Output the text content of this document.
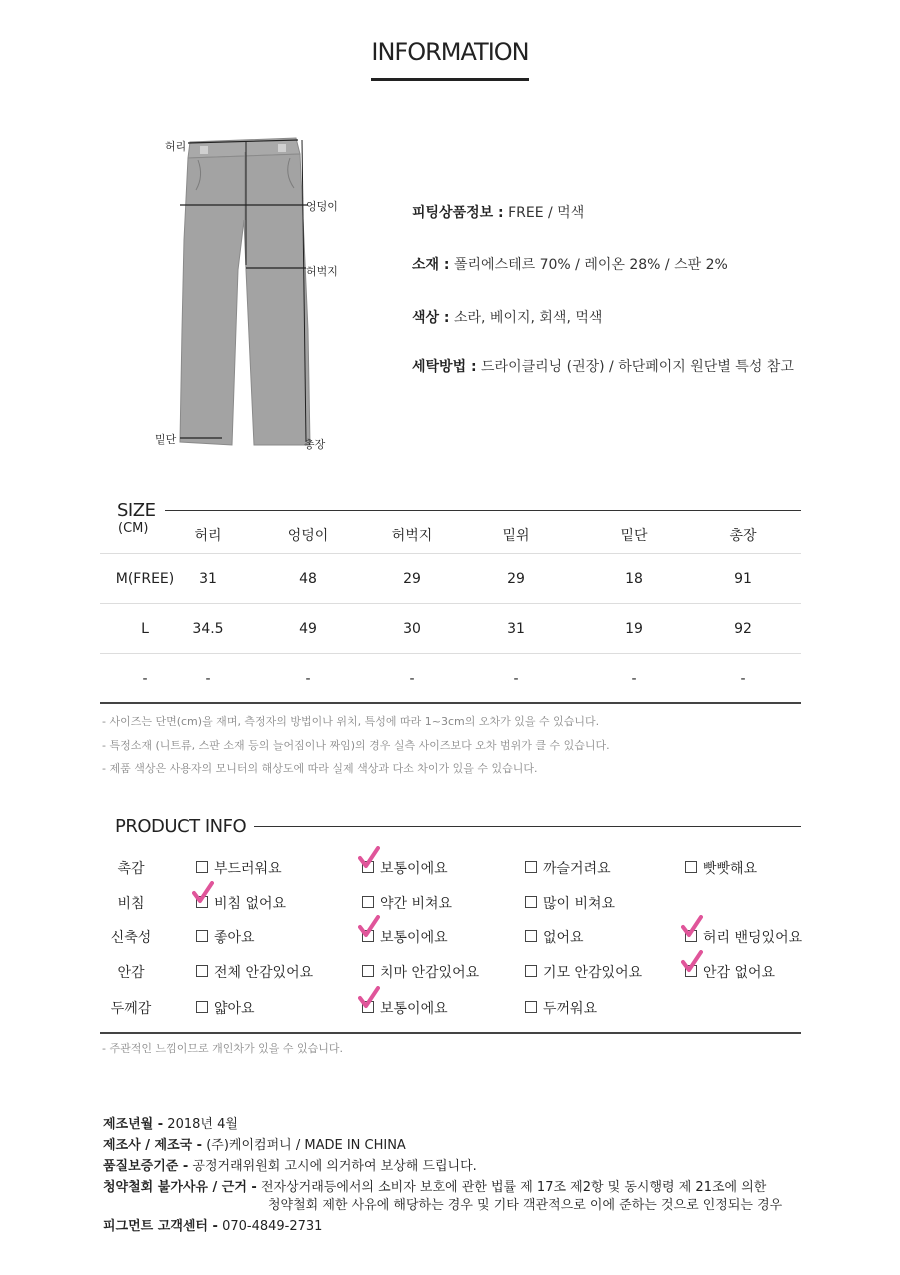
INFORMATION
허리
엉덩이
허벅지
밑단	총장
피팅상품정보 : FREE / 먹색
소재 : 폴리에스테르 70% / 레이온 28% / 스판 2%
색상 : 소라, 베이지, 회색, 먹색
세탁방법 : 드라이클리닝 (권장) / 하단페이지 원단별 특성 참고
SIZE
(CM)	허리	엉덩이	허벅지	밑위	밑단	총장
M(FREE)	31	48	29	29	18	91
L	34.5	49	30	31	19	92
-	-	-	-	-	-	-
- 사이즈는 단면(cm)을 재며, 측정자의 방법이나 위치, 특성에 따라 1~3cm의 오차가 있을 수 있습니다.
- 특정소재 (니트류, 스판 소재 등의 늘어짐이나 짜임)의 경우 실측 사이즈보다 오차 범위가 클 수 있습니다.
- 제품 색상은 사용자의 모니터의 해상도에 따라 실제 색상과 다소 차이가 있을 수 있습니다.
PRODUCT INFO
촉감	부드러워요	보통이에요	까슬거려요	빳빳해요
비침	비침 없어요	약간 비쳐요	많이 비쳐요
신축성	좋아요	보통이에요	없어요	허리 밴딩있어요
안감	전체 안감있어요	치마 안감있어요	기모 안감있어요	안감 없어요
두께감	얇아요	보통이에요	두꺼워요
- 주관적인 느낌이므로 개인차가 있을 수 있습니다.
제조년월 - 2018년 4월
제조사 / 제조국 - (주)케이컴퍼니 / MADE IN CHINA
품질보증기준 - 공정거래위원회 고시에 의거하여 보상해 드립니다.
청약철회 불가사유 / 근거 - 전자상거래등에서의 소비자 보호에 관한 법률 제 17조 제2항 및 동시행령 제 21조에 의한
청약철회 제한 사유에 해당하는 경우 및 기타 객관적으로 이에 준하는 것으로 인정되는 경우
피그먼트 고객센터 - 070-4849-2731
